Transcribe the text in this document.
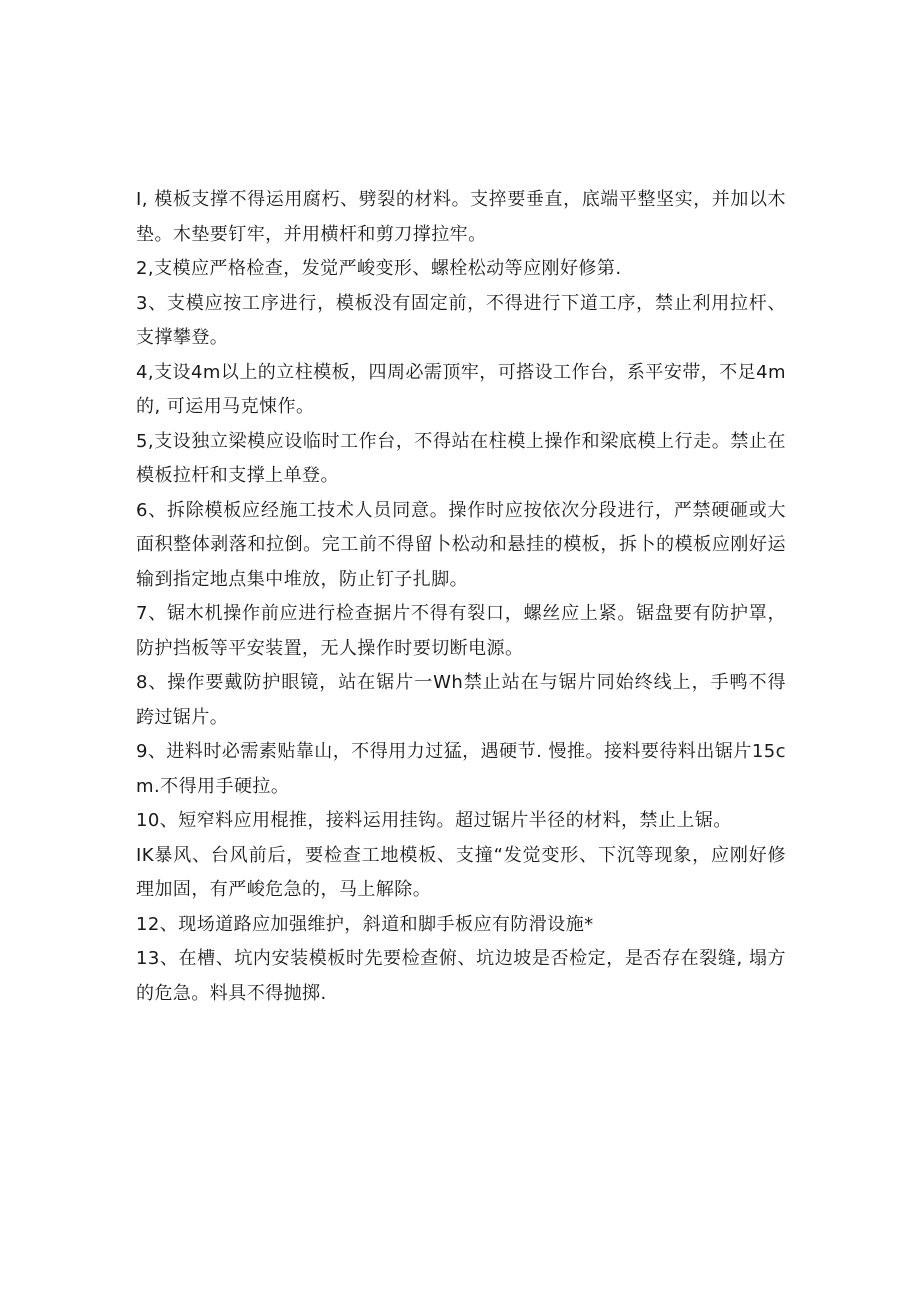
I, 模板支撑不得运用腐朽、劈裂的材料。支捽要垂直，底端平整坚实，并加以木垫。木垫要钉牢，并用横杆和剪刀撑拉牢。

2,支模应严格检查，发觉严峻变形、螺栓松动等应刚好修第.

3、支模应按工序进行，模板没有固定前，不得进行下道工序，禁止利用拉杆、支撑攀登。

4,支设4m以上的立柱模板，四周必需顶牢，可搭设工作台，系平安带，不足4m的, 可运用马克悚作。

5,支设独立梁模应设临时工作台，不得站在柱模上操作和梁底模上行走。禁止在模板拉杆和支撑上单登。

6、拆除模板应经施工技术人员同意。操作时应按依次分段进行，严禁硬砸或大面积整体剥落和拉倒。完工前不得留卜松动和悬挂的模板，拆卜的模板应刚好运输到指定地点集中堆放，防止钉子扎脚。

7、锯木机操作前应进行检查据片不得有裂口，螺丝应上紧。锯盘要有防护罩，防护挡板等平安装置，无人操作时要切断电源。

8、操作要戴防护眼镜，站在锯片一Wh禁止站在与锯片同始终线上，手鸭不得跨过锯片。

9、进料时必需素贴靠山，不得用力过猛，遇硬节. 慢推。接料要待料出锯片15cm.不得用手硬拉。

10、短窄料应用棍推，接料运用挂钩。超过锯片半径的材料，禁止上锯。

IK暴风、台风前后，要检查工地模板、支撞“发觉变形、下沉等现象，应刚好修理加固，有严峻危急的，马上解除。

12、现场道路应加强维护，斜道和脚手板应有防滑设施*

13、在槽、坑内安装模板时先要检查俯、坑边坡是否检定，是否存在裂缝, 塌方的危急。料具不得抛掷.
